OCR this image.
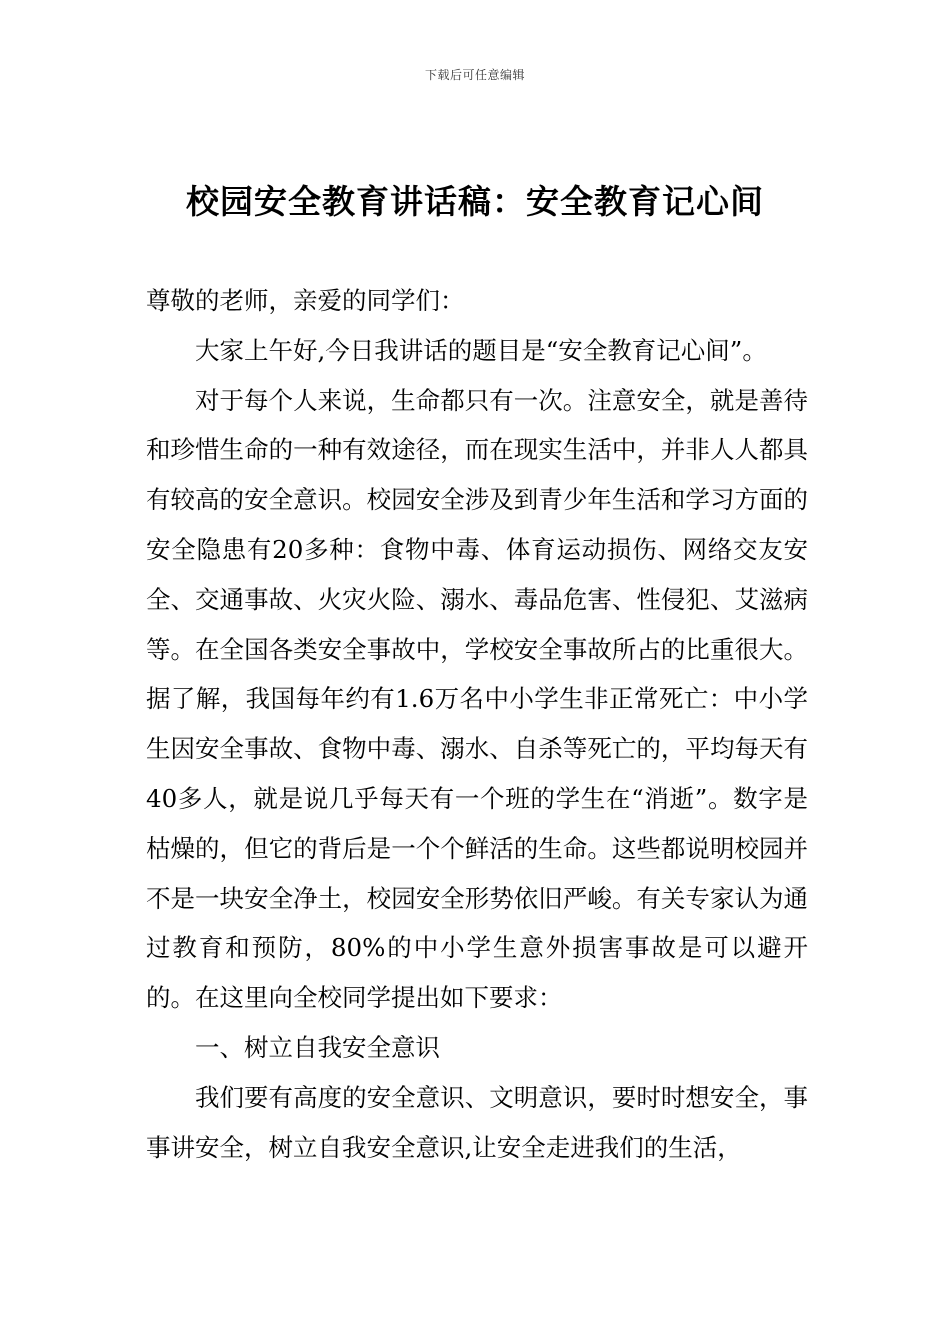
下载后可任意编辑
校园安全教育讲话稿：安全教育记心间

尊敬的老师，亲爱的同学们：

大家上午好,今日我讲话的题目是“安全教育记心间”。

对于每个人来说，生命都只有一次。注意安全，就是善待和珍惜生命的一种有效途径，而在现实生活中，并非人人都具有较高的安全意识。校园安全涉及到青少年生活和学习方面的安全隐患有20多种：食物中毒、体育运动损伤、网络交友安全、交通事故、火灾火险、溺水、毒品危害、性侵犯、艾滋病等。在全国各类安全事故中，学校安全事故所占的比重很大。据了解，我国每年约有1.6万名中小学生非正常死亡：中小学生因安全事故、食物中毒、溺水、自杀等死亡的，平均每天有40多人，就是说几乎每天有一个班的学生在“消逝”。数字是枯燥的，但它的背后是一个个鲜活的生命。这些都说明校园并不是一块安全净土，校园安全形势依旧严峻。有关专家认为通过教育和预防，80%的中小学生意外损害事故是可以避开的。在这里向全校同学提出如下要求：

一、树立自我安全意识

我们要有高度的安全意识、文明意识，要时时想安全，事事讲安全，树立自我安全意识,让安全走进我们的生活，
